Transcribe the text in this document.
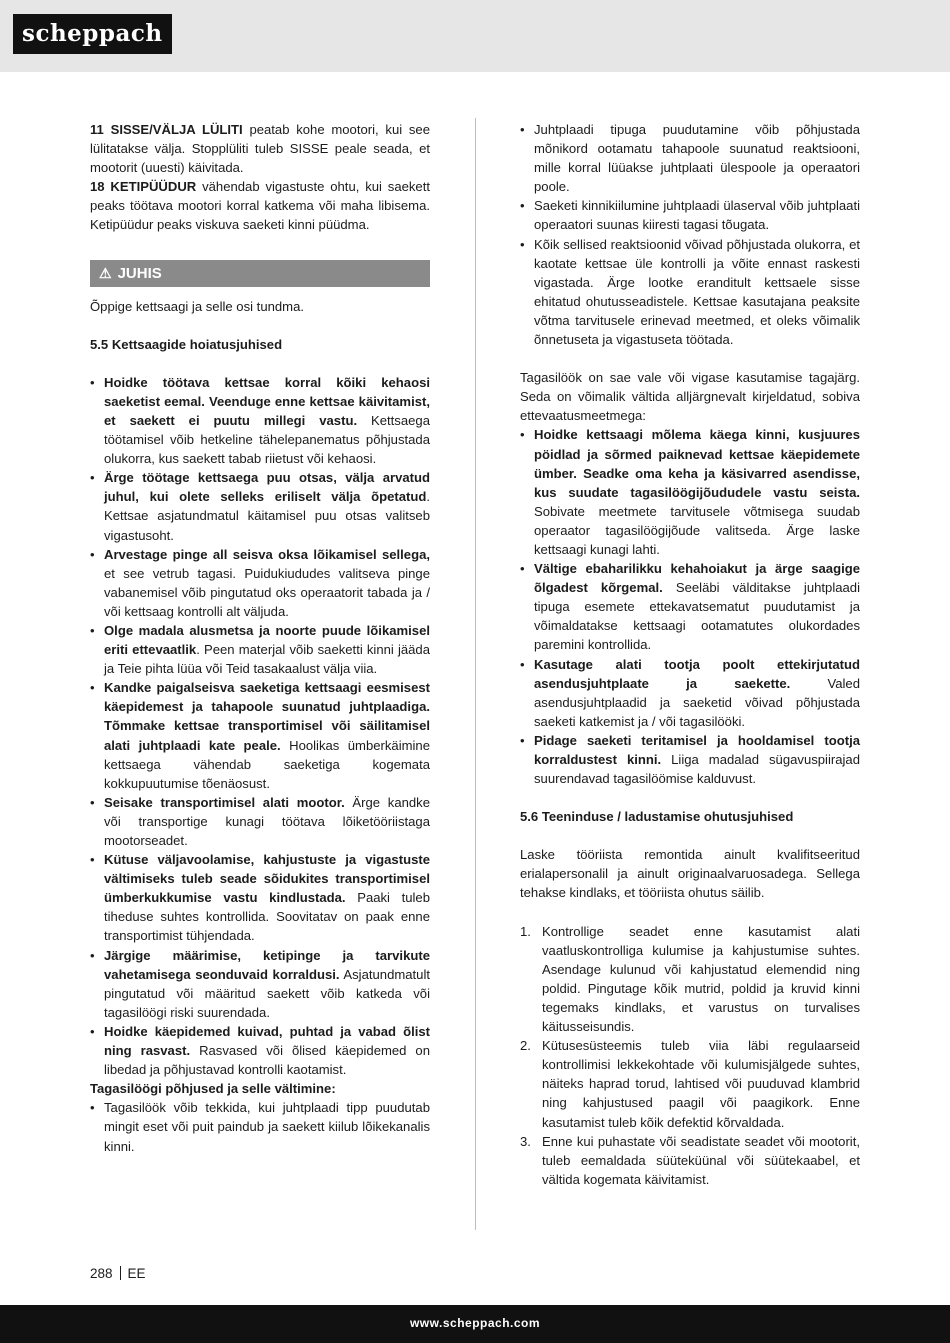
scheppach

11 SISSE/VÄLJA LÜLITI peatab kohe mootori, kui see lülitatakse välja. Stopplüliti tuleb SISSE peale seada, et mootorit (uuesti) käivitada.

18 KETIPÜÜDUR vähendab vigastuste ohtu, kui saekett peaks töötava mootori korral katkema või maha libisema. Ketipüüdur peaks viskuva saeketi kinni püüdma.

⚠ JUHIS

Õppige kettsaagi ja selle osi tundma.

5.5 Kettsaagide hoiatusjuhised

• Hoidke töötava kettsae korral kõiki kehaosi saeketist eemal. Veenduge enne kettsae käivitamist, et saekett ei puutu millegi vastu. Kettsaega töötamisel võib hetkeline tähelepanematus põhjustada olukorra, kus saekett tabab riietust või kehaosi.
• Ärge töötage kettsaega puu otsas, välja arvatud juhul, kui olete selleks eriliselt välja õpetatud. Kettsae asjatundmatul käitamisel puu otsas valitseb vigastusoht.
• Arvestage pinge all seisva oksa lõikamisel sellega, et see vetrub tagasi. Puidukiududes valitseva pinge vabanemisel võib pingutatud oks operaatorit tabada ja / või kettsaag kontrolli alt väljuda.
• Olge madala alusmetsa ja noorte puude lõikamisel eriti ettevaatlik. Peen materjal võib saeketti kinni jääda ja Teie pihta lüüa või Teid tasakaalust välja viia.
• Kandke paigalseisva saeketiga kettsaagi eesmisest käepidemest ja tahapoole suunatud juhtplaadiga. Tõmmake kettsae transportimisel või säilitamisel alati juhtplaadi kate peale. Hoolikas ümberkäimine kettsaega vähendab saeketiga kogemata kokkupuutumise tõenäosust.
• Seisake transportimisel alati mootor. Ärge kandke või transportige kunagi töötava lõiketööriistaga mootorseadet.
• Kütuse väljavoolamise, kahjustuste ja vigastuste vältimiseks tuleb seade sõidukites transportimisel ümberkukkumise vastu kindlustada. Paaki tuleb tiheduse suhtes kontrollida. Soovitatav on paak enne transportimist tühjendada.
• Järgige määrimise, ketipinge ja tarvikute vahetamisega seonduvaid korraldusi. Asjatundmatult pingutatud või määritud saekett võib katkeda või tagasilöögi riski suurendada.
• Hoidke käepidemed kuivad, puhtad ja vabad õlist ning rasvast. Rasvased või õlised käepidemed on libedad ja põhjustavad kontrolli kaotamist.

Tagasilöögi põhjused ja selle vältimine:

• Tagasilöök võib tekkida, kui juhtplaadi tipp puudutab mingit eset või puit paindub ja saekett kiilub lõikekanalis kinni.
• Juhtplaadi tipuga puudutamine võib põhjustada mõnikord ootamatu tahapoole suunatud reaktsiooni, mille korral lüüakse juhtplaati ülespoole ja operaatori poole.
• Saeketi kinnikiilumine juhtplaadi ülaserval võib juhtplaati operaatori suunas kiiresti tagasi tõugata.
• Kõik sellised reaktsioonid võivad põhjustada olukorra, et kaotate kettsae üle kontrolli ja võite ennast raskesti vigastada. Ärge lootke eranditult kettsaele sisse ehitatud ohutusseadistele. Kettsae kasutajana peaksite võtma tarvitusele erinevad meetmed, et oleks võimalik õnnetuseta ja vigastuseta töötada.

Tagasilöök on sae vale või vigase kasutamise tagajärg. Seda on võimalik vältida alljärgnevalt kirjeldatud, sobiva ettevaatusmeetmega:

• Hoidke kettsaagi mõlema käega kinni, kusjuures pöidlad ja sõrmed paiknevad kettsae käepidemete ümber. Seadke oma keha ja käsivarred asendisse, kus suudate tagasilöögijõududele vastu seista. Sobivate meetmete tarvitusele võtmisega suudab operaator tagasilöögijõude valitseda. Ärge laske kettsaagi kunagi lahti.
• Vältige ebaharilikku kehahoiakut ja ärge saagige õlgadest kõrgemal. Seeläbi välditakse juhtplaadi tipuga esemete ettekavatsematut puudutamist ja võimaldatakse kettsaagi ootamatutes olukordades paremini kontrollida.
• Kasutage alati tootja poolt ettekirjutatud asendusjuhtplaate ja saekette. Valed asendusjuhtplaadid ja saeketid võivad põhjustada saeketi katkemist ja / või tagasilööki.
• Pidage saeketi teritamisel ja hooldamisel tootja korraldustest kinni. Liiga madalad sügavuspiirajad suurendavad tagasilöömise kalduvust.

5.6 Teeninduse / ladustamise ohutusjuhised

Laske tööriista remontida ainult kvalifitseeritud erialapersonalil ja ainult originaalvaruosadega. Sellega tehakse kindlaks, et tööriista ohutus säilib.

1. Kontrollige seadet enne kasutamist alati vaatluskontrolliga kulumise ja kahjustumise suhtes. Asendage kulunud või kahjustatud elemendid ning poldid. Pingutage kõik mutrid, poldid ja kruvid kinni tegemaks kindlaks, et varustus on turvalises käitusseisundis.
2. Kütusesüsteemis tuleb viia läbi regulaarseid kontrollimisi lekkekohtade või kulumisjälgede suhtes, näiteks haprad torud, lahtised või puuduvad klambrid ning kahjustused paagil või paagikork. Enne kasutamist tuleb kõik defektid kõrvaldada.
3. Enne kui puhastate või seadistate seadet või mootorit, tuleb eemaldada süüteküünal või süütekaabel, et vältida kogemata käivitamist.
288 EE
www.scheppach.com
